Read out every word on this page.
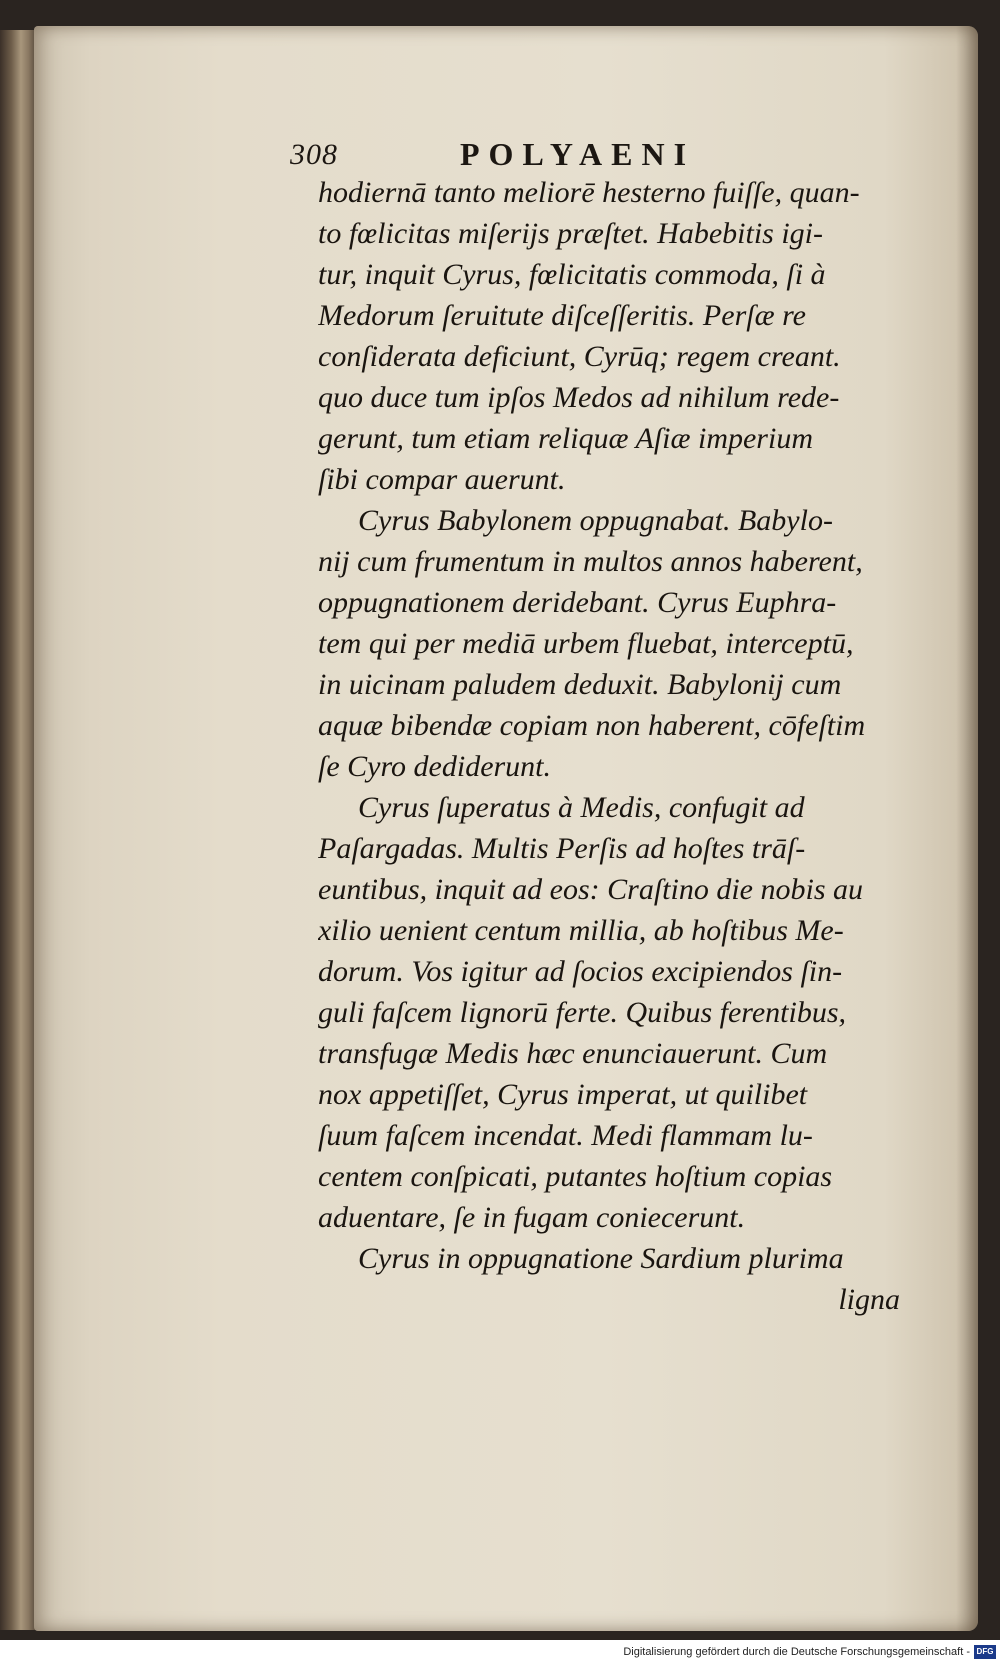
308	POLYAENI
hodiernā tanto meliorē hesterno fuiſſe, quan-
to fœlicitas miſerijs præſtet. Habebitis igi-
tur, inquit Cyrus, fœlicitatis commoda, ſi à
Medorum ſeruitute diſceſſeritis. Perſæ re
conſiderata deficiunt, Cyrūq; regem creant.
quo duce tum ipſos Medos ad nihilum rede-
gerunt, tum etiam reliquæ Aſiæ imperium
ſibi compar auerunt.
Cyrus Babylonem oppugnabat. Babylo-
nij cum frumentum in multos annos haberent,
oppugnationem deridebant. Cyrus Euphra-
tem qui per mediā urbem fluebat, interceptū,
in uicinam paludem deduxit. Babylonij cum
aquæ bibendæ copiam non haberent, cōfeſtim
ſe Cyro dediderunt.
Cyrus ſuperatus à Medis, confugit ad
Paſargadas. Multis Perſis ad hoſtes trāſ-
euntibus, inquit ad eos: Craſtino die nobis au
xilio uenient centum millia, ab hoſtibus Me-
dorum. Vos igitur ad ſocios excipiendos ſin-
guli faſcem lignorū ferte. Quibus ferentibus,
transfugæ Medis hæc enunciauerunt. Cum
nox appetiſſet, Cyrus imperat, ut quilibet
ſuum faſcem incendat. Medi flammam lu-
centem conſpicati, putantes hoſtium copias
aduentare, ſe in fugam coniecerunt.
Cyrus in oppugnatione Sardium plurima
ligna
Digitalisierung gefördert durch die Deutsche Forschungsgemeinschaft - DFG
